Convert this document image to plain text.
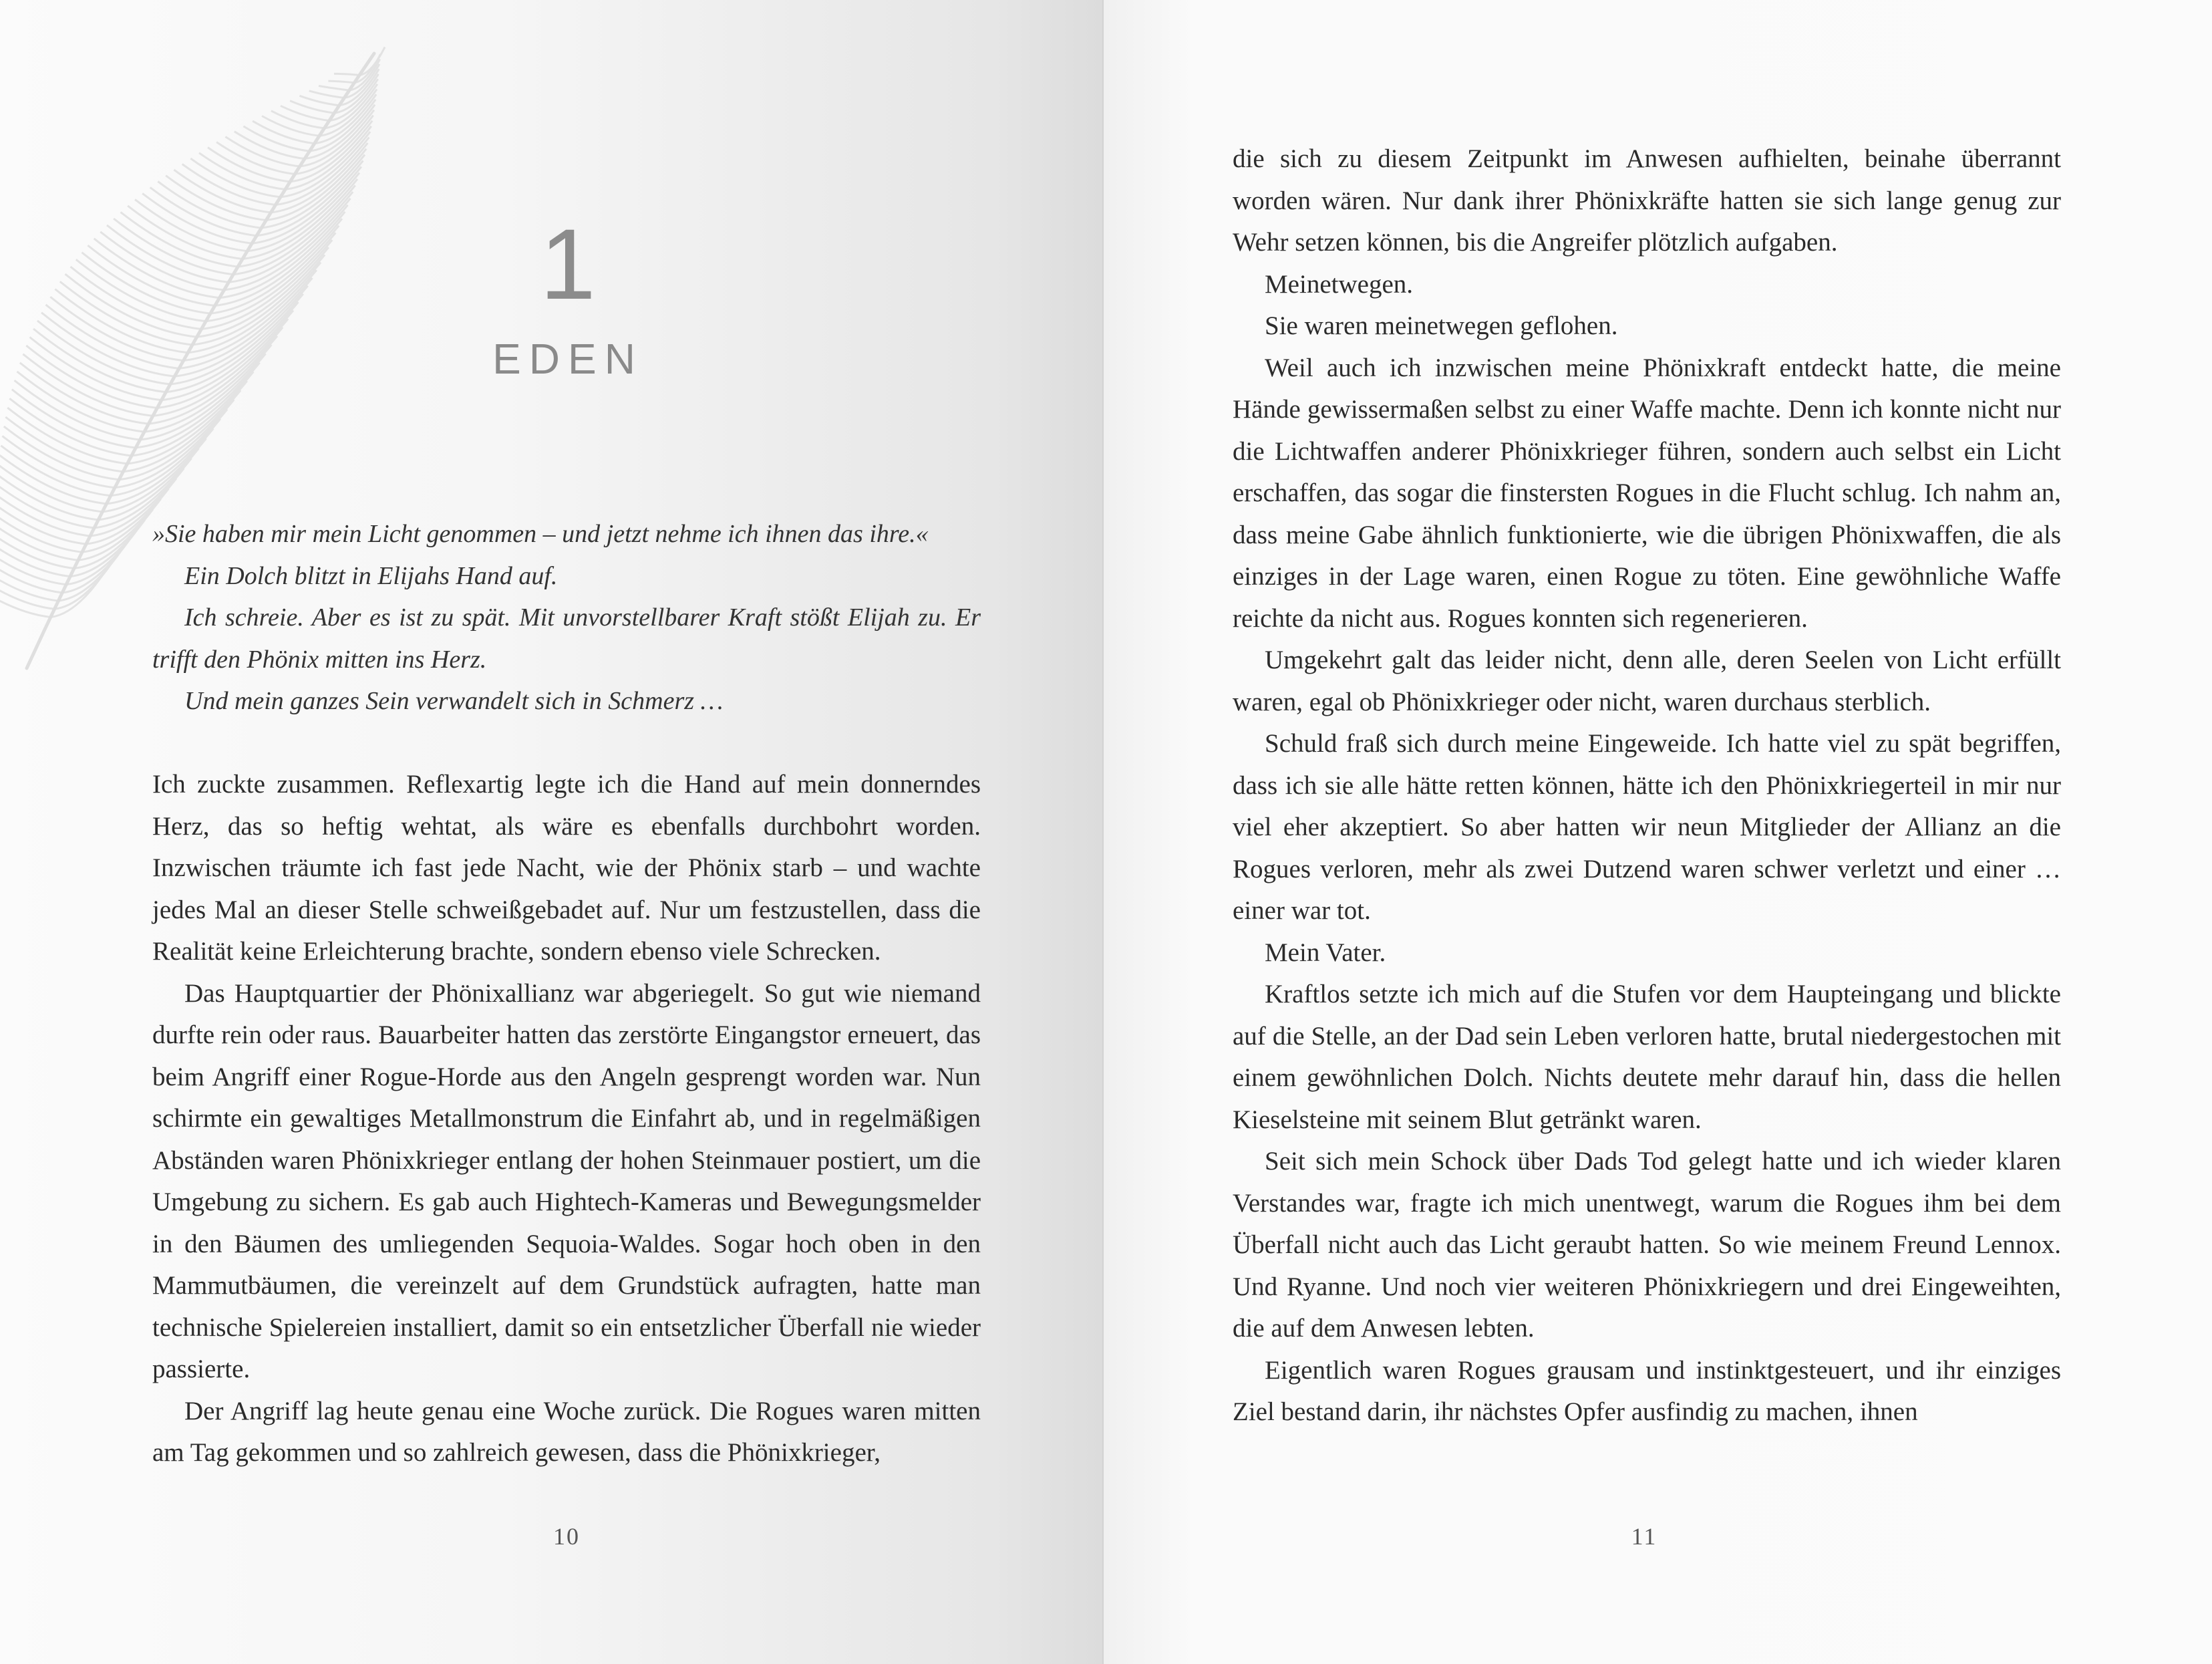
1
EDEN

»Sie haben mir mein Licht genommen – und jetzt nehme ich ihnen das ihre.«

Ein Dolch blitzt in Elijahs Hand auf.

Ich schreie. Aber es ist zu spät. Mit unvorstellbarer Kraft stößt Elijah zu. Er trifft den Phönix mitten ins Herz.

Und mein ganzes Sein verwandelt sich in Schmerz …

Ich zuckte zusammen. Reflexartig legte ich die Hand auf mein donnerndes Herz, das so heftig wehtat, als wäre es ebenfalls durchbohrt worden. Inzwischen träumte ich fast jede Nacht, wie der Phönix starb – und wachte jedes Mal an dieser Stelle schweißgebadet auf. Nur um festzustellen, dass die Realität keine Erleichterung brachte, sondern ebenso viele Schrecken.

Das Hauptquartier der Phönixallianz war abgeriegelt. So gut wie niemand durfte rein oder raus. Bauarbeiter hatten das zerstörte Eingangstor erneuert, das beim Angriff einer Rogue-Horde aus den Angeln gesprengt worden war. Nun schirmte ein gewaltiges Metallmonstrum die Einfahrt ab, und in regelmäßigen Abständen waren Phönixkrieger entlang der hohen Steinmauer postiert, um die Umgebung zu sichern. Es gab auch Hightech-Kameras und Bewegungsmelder in den Bäumen des umliegenden Sequoia-Waldes. Sogar hoch oben in den Mammutbäumen, die vereinzelt auf dem Grundstück aufragten, hatte man technische Spielereien installiert, damit so ein entsetzlicher Überfall nie wieder passierte.

Der Angriff lag heute genau eine Woche zurück. Die Rogues waren mitten am Tag gekommen und so zahlreich gewesen, dass die Phönixkrieger,

10

die sich zu diesem Zeitpunkt im Anwesen aufhielten, beinahe überrannt worden wären. Nur dank ihrer Phönixkräfte hatten sie sich lange genug zur Wehr setzen können, bis die Angreifer plötzlich aufgaben.

Meinetwegen.

Sie waren meinetwegen geflohen.

Weil auch ich inzwischen meine Phönixkraft entdeckt hatte, die meine Hände gewissermaßen selbst zu einer Waffe machte. Denn ich konnte nicht nur die Lichtwaffen anderer Phönixkrieger führen, sondern auch selbst ein Licht erschaffen, das sogar die finstersten Rogues in die Flucht schlug. Ich nahm an, dass meine Gabe ähnlich funktionierte, wie die übrigen Phönixwaffen, die als einziges in der Lage waren, einen Rogue zu töten. Eine gewöhnliche Waffe reichte da nicht aus. Rogues konnten sich regenerieren.

Umgekehrt galt das leider nicht, denn alle, deren Seelen von Licht erfüllt waren, egal ob Phönixkrieger oder nicht, waren durchaus sterblich.

Schuld fraß sich durch meine Eingeweide. Ich hatte viel zu spät begriffen, dass ich sie alle hätte retten können, hätte ich den Phönixkriegerteil in mir nur viel eher akzeptiert. So aber hatten wir neun Mitglieder der Allianz an die Rogues verloren, mehr als zwei Dutzend waren schwer verletzt und einer … einer war tot.

Mein Vater.

Kraftlos setzte ich mich auf die Stufen vor dem Haupteingang und blickte auf die Stelle, an der Dad sein Leben verloren hatte, brutal niedergestochen mit einem gewöhnlichen Dolch. Nichts deutete mehr darauf hin, dass die hellen Kieselsteine mit seinem Blut getränkt waren.

Seit sich mein Schock über Dads Tod gelegt hatte und ich wieder klaren Verstandes war, fragte ich mich unentwegt, warum die Rogues ihm bei dem Überfall nicht auch das Licht geraubt hatten. So wie meinem Freund Lennox. Und Ryanne. Und noch vier weiteren Phönixkriegern und drei Eingeweihten, die auf dem Anwesen lebten.

Eigentlich waren Rogues grausam und instinktgesteuert, und ihr einziges Ziel bestand darin, ihr nächstes Opfer ausfindig zu machen, ihnen

11
